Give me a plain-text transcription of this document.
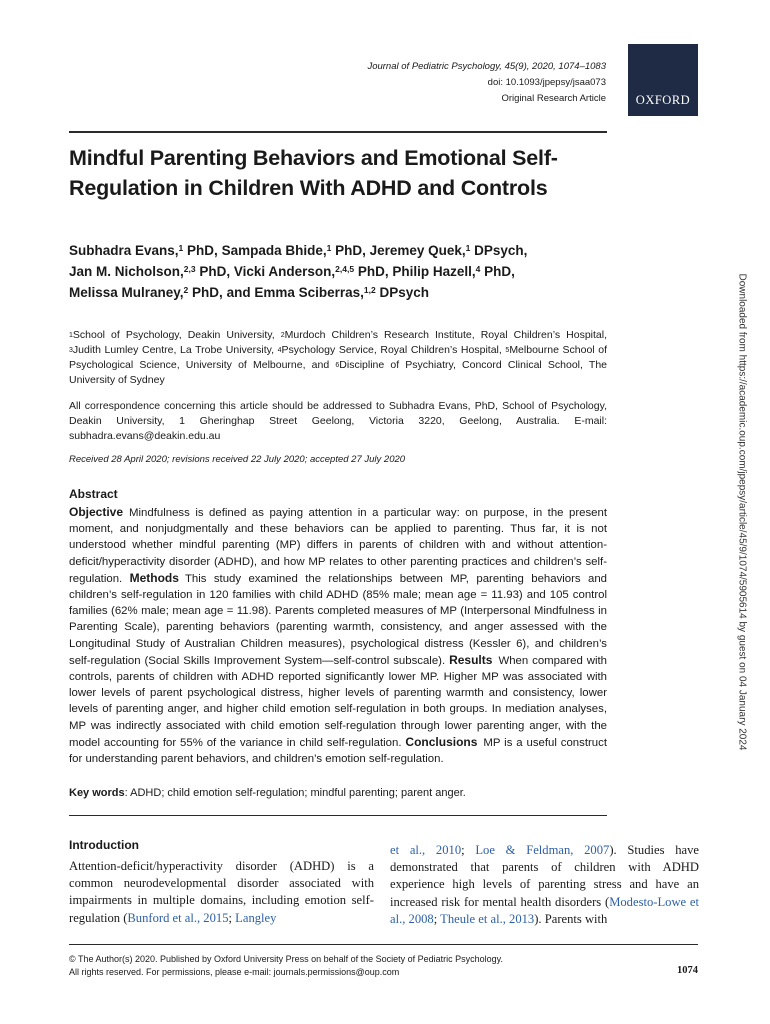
Journal of Pediatric Psychology, 45(9), 2020, 1074–1083
doi: 10.1093/jpepsy/jsaa073
Original Research Article OXFORD
Mindful Parenting Behaviors and Emotional Self-Regulation in Children With ADHD and Controls
Subhadra Evans,$^1$ PhD, Sampada Bhide,$^1$ PhD, Jeremey Quek,$^1$ DPsych,
Jan M. Nicholson,$^{2,3}$ PhD, Vicki Anderson,$^{2,4,5}$ PhD, Philip Hazell,$^4$ PhD,
Melissa Mulraney,$^2$ PhD, and Emma Sciberras,$^{1,2}$ DPsych

$^1$School of Psychology, Deakin University, $^2$Murdoch Children’s Research Institute, Royal Children’s Hospital, $^3$Judith Lumley Centre, La Trobe University, $^4$Psychology Service, Royal Children’s Hospital, $^5$Melbourne School of Psychological Science, University of Melbourne, and $^6$Discipline of Psychiatry, Concord Clinical School, The University of Sydney

All correspondence concerning this article should be addressed to Subhadra Evans, PhD, School of Psychology, Deakin University, 1 Gheringhap Street Geelong, Victoria 3220, Geelong, Australia. E-mail: subhadra.evans@deakin.edu.au

Received 28 April 2020; revisions received 22 July 2020; accepted 27 July 2020

Abstract

Objective Mindfulness is defined as paying attention in a particular way: on purpose, in the present moment, and nonjudgmentally and these behaviors can be applied to parenting. Thus far, it is not understood whether mindful parenting (MP) differs in parents of children with and without attention-deficit/hyperactivity disorder (ADHD), and how MP relates to other parenting practices and children’s self-regulation. Methods This study examined the relationships between MP, parenting behaviors and children’s self-regulation in 120 families with child ADHD (85% male; mean age = 11.93) and 105 control families (62% male; mean age = 11.98). Parents completed measures of MP (Interpersonal Mindfulness in Parenting Scale), parenting behaviors (parenting warmth, consistency, and anger assessed with the Longitudinal Study of Australian Children measures), psychological distress (Kessler 6), and children’s self-regulation (Social Skills Improvement System—self-control subscale). Results When compared with controls, parents of children with ADHD reported significantly lower MP. Higher MP was associated with lower levels of parent psychological distress, higher levels of parenting warmth and consistency, lower levels of parenting anger, and higher child emotion self-regulation in both groups. In mediation analyses, MP was indirectly associated with child emotion self-regulation through lower parenting anger, with the model accounting for 55% of the variance in child self-regulation. Conclusions MP is a useful construct for understanding parent behaviors, and children’s emotion self-regulation.

Key words: ADHD; child emotion self-regulation; mindful parenting; parent anger.

Introduction

Attention-deficit/hyperactivity disorder (ADHD) is a common neurodevelopmental disorder associated with impairments in multiple domains, including emotion self-regulation (Bunford et al., 2015; Langley

et al., 2010; Loe & Feldman, 2007). Studies have demonstrated that parents of children with ADHD experience high levels of parenting stress and have an increased risk for mental health disorders (Modesto-Lowe et al., 2008; Theule et al., 2013). Parents with

© The Author(s) 2020. Published by Oxford University Press on behalf of the Society of Pediatric Psychology.
All rights reserved. For permissions, please e-mail: journals.permissions@oup.com	1074
Downloaded from https://academic.oup.com/jpepsy/article/45/9/1074/5905614 by guest on 04 January 2024
